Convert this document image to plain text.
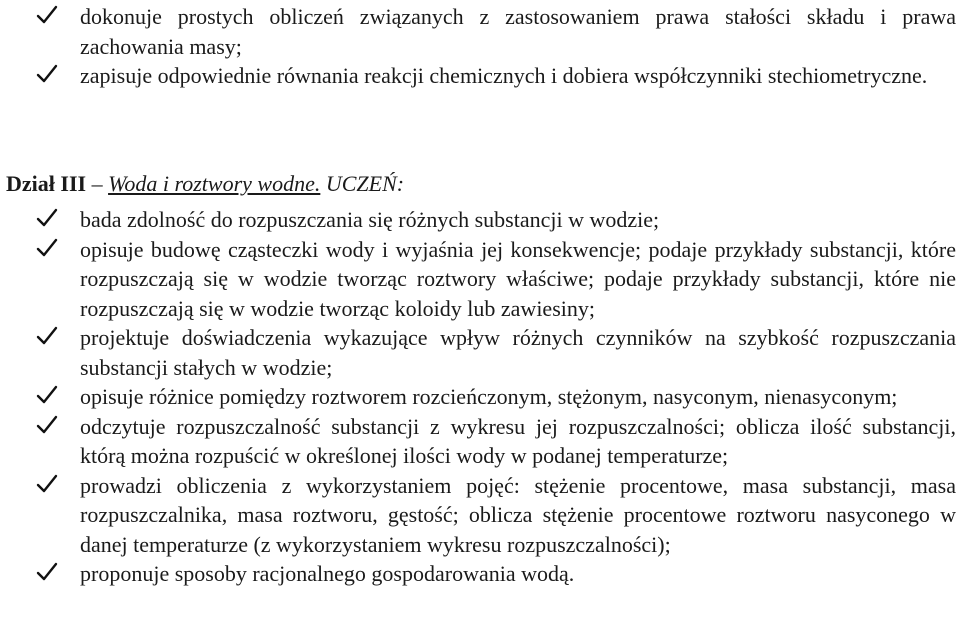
dokonuje prostych obliczeń związanych z zastosowaniem prawa stałości składu i prawa zachowania masy;
zapisuje odpowiednie równania reakcji chemicznych i dobiera współczynniki stechiometryczne.
Dział III – Woda i roztwory wodne. UCZEŃ:
bada zdolność do rozpuszczania się różnych substancji w wodzie;
opisuje budowę cząsteczki wody i wyjaśnia jej konsekwencje; podaje przykłady substancji, które rozpuszczają się w wodzie tworząc roztwory właściwe; podaje przykłady substancji, które nie rozpuszczają się w wodzie tworząc koloidy lub zawiesiny;
projektuje doświadczenia wykazujące wpływ różnych czynników na szybkość rozpuszczania substancji stałych w wodzie;
opisuje różnice pomiędzy roztworem rozcieńczonym, stężonym, nasyconym, nienasyconym;
odczytuje rozpuszczalność substancji z wykresu jej rozpuszczalności; oblicza ilość substancji, którą można rozpuścić w określonej ilości wody w podanej temperaturze;
prowadzi obliczenia z wykorzystaniem pojęć: stężenie procentowe, masa substancji, masa rozpuszczalnika, masa roztworu, gęstość; oblicza stężenie procentowe roztworu nasyconego w danej temperaturze (z wykorzystaniem wykresu rozpuszczalności);
proponuje sposoby racjonalnego gospodarowania wodą.
